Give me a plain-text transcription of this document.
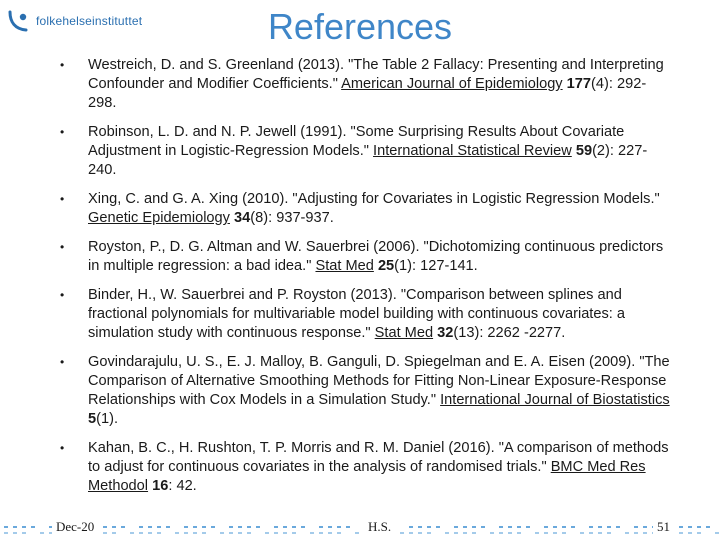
folkehelseinstituttet	References
• Westreich, D. and S. Greenland (2013). "The Table 2 Fallacy: Presenting and Interpreting Confounder and Modifier Coefficients." American Journal of Epidemiology 177(4): 292-298.
• Robinson, L. D. and N. P. Jewell (1991). "Some Surprising Results About Covariate Adjustment in Logistic-Regression Models." International Statistical Review 59(2): 227-240.
• Xing, C. and G. A. Xing (2010). "Adjusting for Covariates in Logistic Regression Models." Genetic Epidemiology 34(8): 937-937.
• Royston, P., D. G. Altman and W. Sauerbrei (2006). "Dichotomizing continuous predictors in multiple regression: a bad idea." Stat Med 25(1): 127-141.
• Binder, H., W. Sauerbrei and P. Royston (2013). "Comparison between splines and fractional polynomials for multivariable model building with continuous covariates: a simulation study with continuous response." Stat Med 32(13): 2262 -2277.
• Govindarajulu, U. S., E. J. Malloy, B. Ganguli, D. Spiegelman and E. A. Eisen (2009). "The Comparison of Alternative Smoothing Methods for Fitting Non-Linear Exposure-Response Relationships with Cox Models in a Simulation Study." International Journal of Biostatistics 5(1).
• Kahan, B. C., H. Rushton, T. P. Morris and R. M. Daniel (2016). "A comparison of methods to adjust for continuous covariates in the analysis of randomised trials." BMC Med Res Methodol 16: 42.
Dec-20	H.S.	51
